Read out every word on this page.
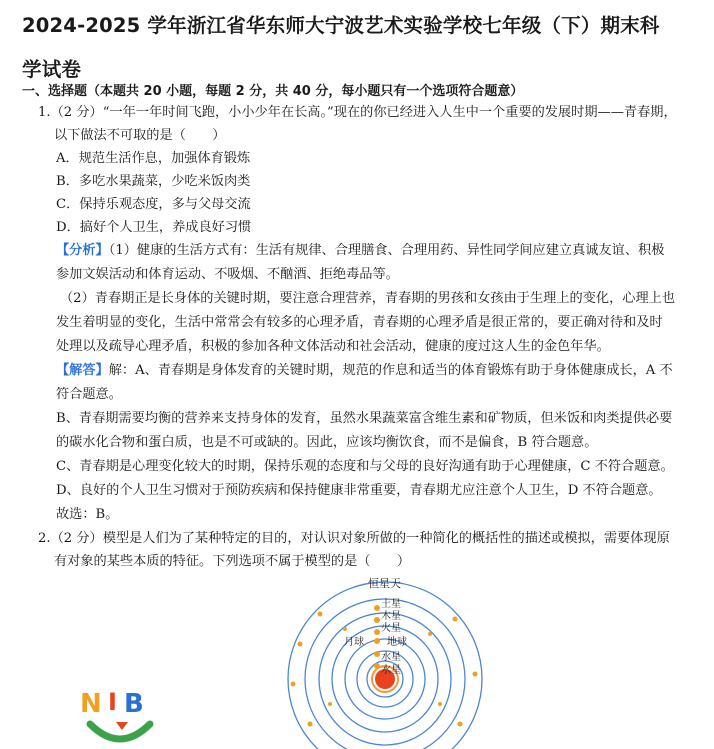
2024-2025 学年浙江省华东师大宁波艺术实验学校七年级（下）期末科
学试卷
一、选择题（本题共 20 小题，每题 2 分，共 40 分，每小题只有一个选项符合题意）
1.（2 分）“一年一年时间飞跑，小小少年在长高。”现在的你已经进入人生中一个重要的发展时期——青春期，
以下做法不可取的是（　　）
A．规范生活作息，加强体育锻炼
B．多吃水果蔬菜，少吃米饭肉类
C．保持乐观态度，多与父母交流
D．搞好个人卫生，养成良好习惯
【分析】（1）健康的生活方式有：生活有规律、合理膳食、合理用药、异性同学间应建立真诚友谊、积极
参加文娱活动和体育运动、不吸烟、不酗酒、拒绝毒品等。
（2）青春期正是长身体的关键时期，要注意合理营养，青春期的男孩和女孩由于生理上的变化，心理上也
发生着明显的变化，生活中常常会有较多的心理矛盾，青春期的心理矛盾是很正常的，要正确对待和及时
处理以及疏导心理矛盾，积极的参加各种文体活动和社会活动，健康的度过这人生的金色年华。
【解答】解：A、青春期是身体发育的关键时期，规范的作息和适当的体育锻炼有助于身体健康成长，A 不
符合题意。
B、青春期需要均衡的营养来支持身体的发育，虽然水果蔬菜富含维生素和矿物质，但米饭和肉类提供必要
的碳水化合物和蛋白质，也是不可或缺的。因此，应该均衡饮食，而不是偏食，B 符合题意。
C、青春期是心理变化较大的时期，保持乐观的态度和与父母的良好沟通有助于心理健康，C 不符合题意。
D、良好的个人卫生习惯对于预防疾病和保持健康非常重要，青春期尤应注意个人卫生，D 不符合题意。
故选：B。
2.（2 分）模型是人们为了某种特定的目的，对认识对象所做的一种简化的概括性的描述或模拟，需要体现原
有对象的某些本质的特征。下列选项不属于模型的是（　　）
恒星天
土星
木星
火星
月球 地球
水星
水星
N I B
